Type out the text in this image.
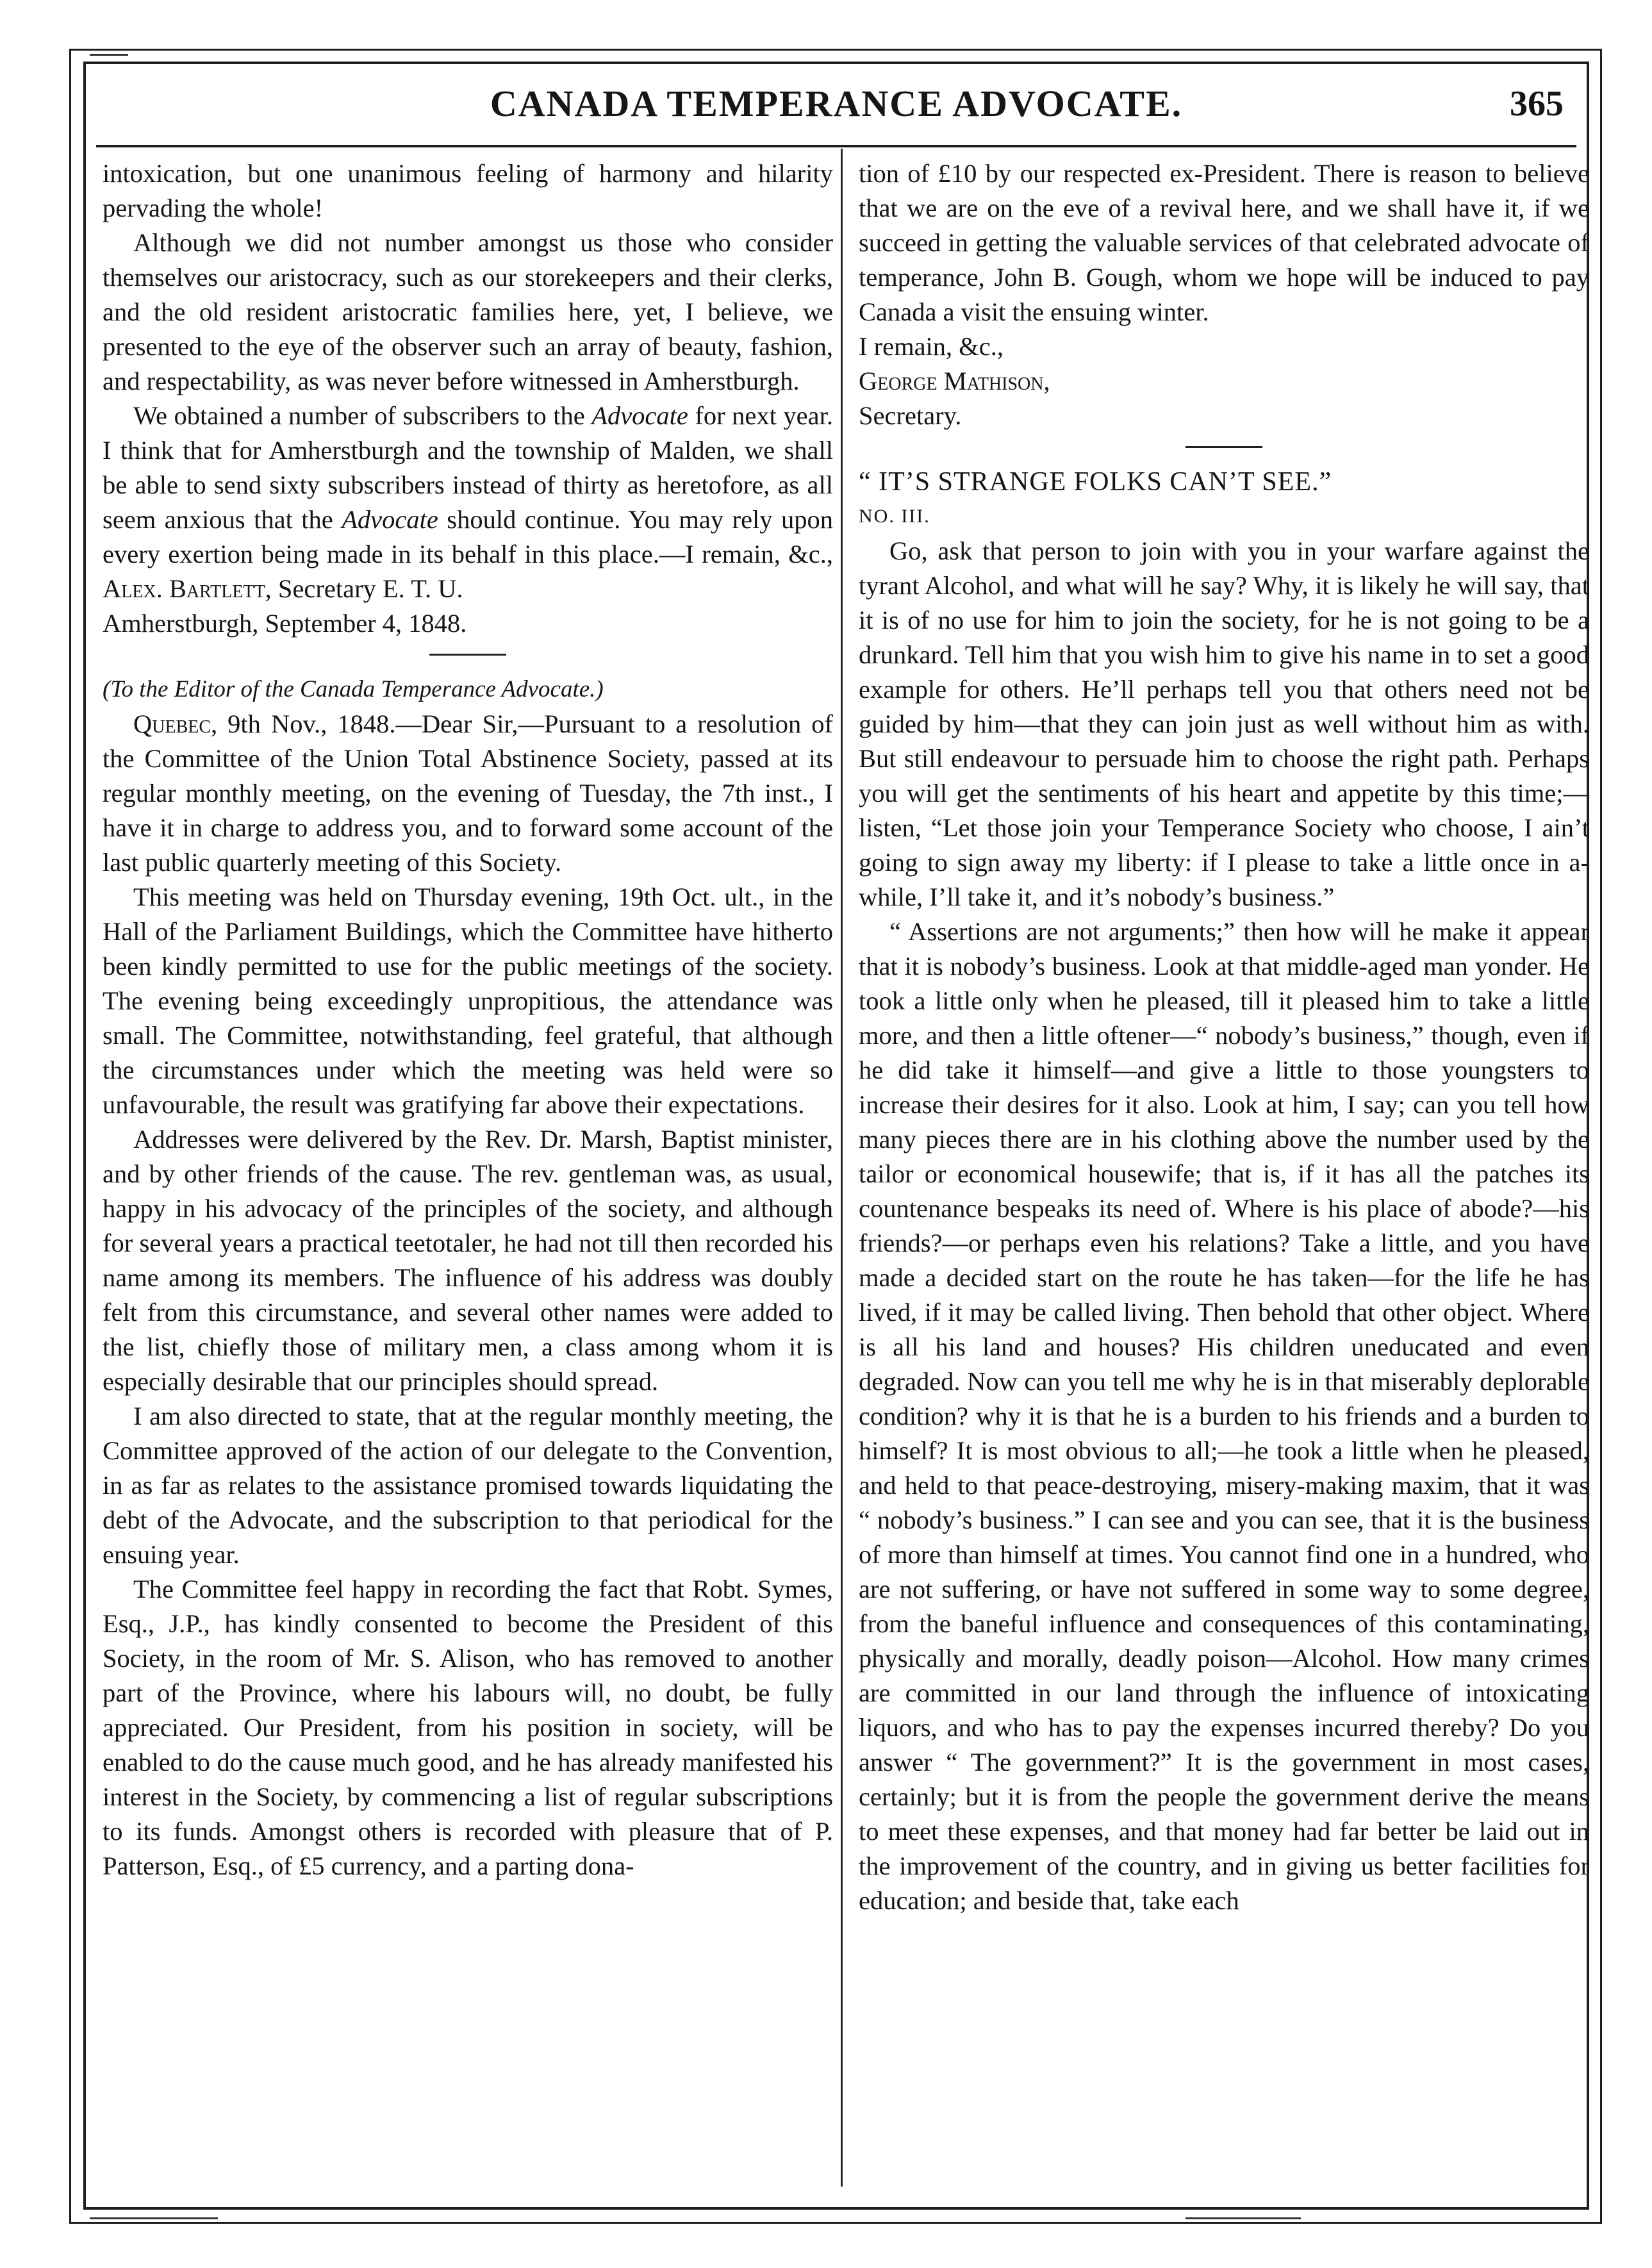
CANADA TEMPERANCE ADVOCATE.	365

intoxication, but one unanimous feeling of harmony and hilarity pervading the whole!

Although we did not number amongst us those who consider themselves our aristocracy, such as our storekeepers and their clerks, and the old resident aristocratic families here, yet, I believe, we presented to the eye of the observer such an array of beauty, fashion, and respectability, as was never before witnessed in Amherstburgh.

We obtained a number of subscribers to the Advocate for next year. I think that for Amherstburgh and the township of Malden, we shall be able to send sixty subscribers instead of thirty as heretofore, as all seem anxious that the Advocate should continue. You may rely upon every exertion being made in its behalf in this place.—I remain, &c., Alex. Bartlett, Secretary E. T. U.

Amherstburgh, September 4, 1848.

(To the Editor of the Canada Temperance Advocate.)

Quebec, 9th Nov., 1848.—Dear Sir,—Pursuant to a resolution of the Committee of the Union Total Abstinence Society, passed at its regular monthly meeting, on the evening of Tuesday, the 7th inst., I have it in charge to address you, and to forward some account of the last public quarterly meeting of this Society.

This meeting was held on Thursday evening, 19th Oct. ult., in the Hall of the Parliament Buildings, which the Committee have hitherto been kindly permitted to use for the public meetings of the society. The evening being exceedingly unpropitious, the attendance was small. The Committee, notwithstanding, feel grateful, that although the circumstances under which the meeting was held were so unfavourable, the result was gratifying far above their expectations.

Addresses were delivered by the Rev. Dr. Marsh, Baptist minister, and by other friends of the cause. The rev. gentleman was, as usual, happy in his advocacy of the principles of the society, and although for several years a practical teetotaler, he had not till then recorded his name among its members. The influence of his address was doubly felt from this circumstance, and several other names were added to the list, chiefly those of military men, a class among whom it is especially desirable that our principles should spread.

I am also directed to state, that at the regular monthly meeting, the Committee approved of the action of our delegate to the Convention, in as far as relates to the assistance promised towards liquidating the debt of the Advocate, and the subscription to that periodical for the ensuing year.

The Committee feel happy in recording the fact that Robt. Symes, Esq., J.P., has kindly consented to become the President of this Society, in the room of Mr. S. Alison, who has removed to another part of the Province, where his labours will, no doubt, be fully appreciated. Our President, from his position in society, will be enabled to do the cause much good, and he has already manifested his interest in the Society, by commencing a list of regular subscriptions to its funds. Amongst others is recorded with pleasure that of P. Patterson, Esq., of £5 currency, and a parting dona-

tion of £10 by our respected ex-President. There is reason to believe that we are on the eve of a revival here, and we shall have it, if we succeed in getting the valuable services of that celebrated advocate of temperance, John B. Gough, whom we hope will be induced to pay Canada a visit the ensuing winter.

I remain, &c.,

George Mathison,

Secretary.

“ IT’S STRANGE FOLKS CAN’T SEE.”

NO. III.

Go, ask that person to join with you in your warfare against the tyrant Alcohol, and what will he say? Why, it is likely he will say, that it is of no use for him to join the society, for he is not going to be a drunkard. Tell him that you wish him to give his name in to set a good example for others. He’ll perhaps tell you that others need not be guided by him—that they can join just as well without him as with. But still endeavour to persuade him to choose the right path. Perhaps you will get the sentiments of his heart and appetite by this time;—listen, “Let those join your Temperance Society who choose, I ain’t going to sign away my liberty: if I please to take a little once in a-while, I’ll take it, and it’s nobody’s business.”

“ Assertions are not arguments;” then how will he make it appear that it is nobody’s business. Look at that middle-aged man yonder. He took a little only when he pleased, till it pleased him to take a little more, and then a little oftener—“ nobody’s business,” though, even if he did take it himself—and give a little to those youngsters to increase their desires for it also. Look at him, I say; can you tell how many pieces there are in his clothing above the number used by the tailor or economical housewife; that is, if it has all the patches its countenance bespeaks its need of. Where is his place of abode?—his friends?—or perhaps even his relations? Take a little, and you have made a decided start on the route he has taken—for the life he has lived, if it may be called living. Then behold that other object. Where is all his land and houses? His children uneducated and even degraded. Now can you tell me why he is in that miserably deplorable condition? why it is that he is a burden to his friends and a burden to himself? It is most obvious to all;—he took a little when he pleased, and held to that peace-destroying, misery-making maxim, that it was “ nobody’s business.” I can see and you can see, that it is the business of more than himself at times. You cannot find one in a hundred, who are not suffering, or have not suffered in some way to some degree, from the baneful influence and consequences of this contaminating, physically and morally, deadly poison—Alcohol. How many crimes are committed in our land through the influence of intoxicating liquors, and who has to pay the expenses incurred thereby? Do you answer “ The government?” It is the government in most cases, certainly; but it is from the people the government derive the means to meet these expenses, and that money had far better be laid out in the improvement of the country, and in giving us better facilities for education; and beside that, take each
